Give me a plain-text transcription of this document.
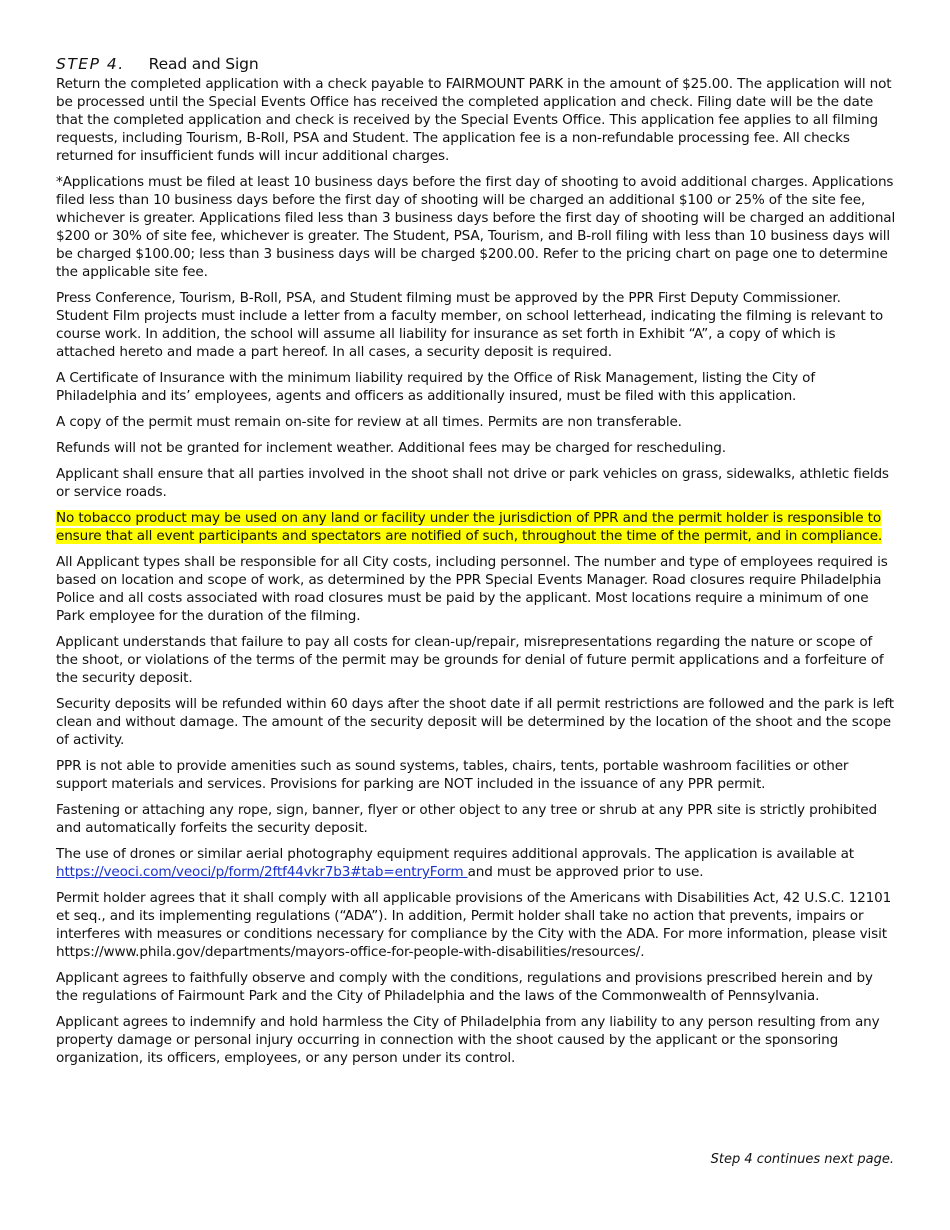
STEP 4. Read and Sign

Return the completed application with a check payable to FAIRMOUNT PARK in the amount of $25.00. The application will not be processed until the Special Events Office has received the completed application and check. Filing date will be the date that the completed application and check is received by the Special Events Office. This application fee applies to all filming requests, including Tourism, B-Roll, PSA and Student. The application fee is a non-refundable processing fee. All checks returned for insufficient funds will incur additional charges.

*Applications must be filed at least 10 business days before the first day of shooting to avoid additional charges. Applications filed less than 10 business days before the first day of shooting will be charged an additional $100 or 25% of the site fee, whichever is greater. Applications filed less than 3 business days before the first day of shooting will be charged an additional $200 or 30% of site fee, whichever is greater. The Student, PSA, Tourism, and B-roll filing with less than 10 business days will be charged $100.00; less than 3 business days will be charged $200.00. Refer to the pricing chart on page one to determine the applicable site fee.

Press Conference, Tourism, B-Roll, PSA, and Student filming must be approved by the PPR First Deputy Commissioner. Student Film projects must include a letter from a faculty member, on school letterhead, indicating the filming is relevant to course work. In addition, the school will assume all liability for insurance as set forth in Exhibit “A”, a copy of which is attached hereto and made a part hereof. In all cases, a security deposit is required.

A Certificate of Insurance with the minimum liability required by the Office of Risk Management, listing the City of Philadelphia and its’ employees, agents and officers as additionally insured, must be filed with this application.

A copy of the permit must remain on-site for review at all times. Permits are non transferable.

Refunds will not be granted for inclement weather. Additional fees may be charged for rescheduling.

Applicant shall ensure that all parties involved in the shoot shall not drive or park vehicles on grass, sidewalks, athletic fields or service roads.

No tobacco product may be used on any land or facility under the jurisdiction of PPR and the permit holder is responsible to ensure that all event participants and spectators are notified of such, throughout the time of the permit, and in compliance.

All Applicant types shall be responsible for all City costs, including personnel. The number and type of employees required is based on location and scope of work, as determined by the PPR Special Events Manager. Road closures require Philadelphia Police and all costs associated with road closures must be paid by the applicant. Most locations require a minimum of one Park employee for the duration of the filming.

Applicant understands that failure to pay all costs for clean-up/repair, misrepresentations regarding the nature or scope of the shoot, or violations of the terms of the permit may be grounds for denial of future permit applications and a forfeiture of the security deposit.

Security deposits will be refunded within 60 days after the shoot date if all permit restrictions are followed and the park is left clean and without damage. The amount of the security deposit will be determined by the location of the shoot and the scope of activity.

PPR is not able to provide amenities such as sound systems, tables, chairs, tents, portable washroom facilities or other support materials and services. Provisions for parking are NOT included in the issuance of any PPR permit.

Fastening or attaching any rope, sign, banner, flyer or other object to any tree or shrub at any PPR site is strictly prohibited and automatically forfeits the security deposit.

The use of drones or similar aerial photography equipment requires additional approvals. The application is available at https://veoci.com/veoci/p/form/2ftf44vkr7b3#tab=entryForm and must be approved prior to use.

Permit holder agrees that it shall comply with all applicable provisions of the Americans with Disabilities Act, 42 U.S.C. 12101 et seq., and its implementing regulations (“ADA”). In addition, Permit holder shall take no action that prevents, impairs or interferes with measures or conditions necessary for compliance by the City with the ADA. For more information, please visit https://www.phila.gov/departments/mayors-office-for-people-with-disabilities/resources/.

Applicant agrees to faithfully observe and comply with the conditions, regulations and provisions prescribed herein and by the regulations of Fairmount Park and the City of Philadelphia and the laws of the Commonwealth of Pennsylvania.

Applicant agrees to indemnify and hold harmless the City of Philadelphia from any liability to any person resulting from any property damage or personal injury occurring in connection with the shoot caused by the applicant or the sponsoring organization, its officers, employees, or any person under its control.

Step 4 continues next page.
